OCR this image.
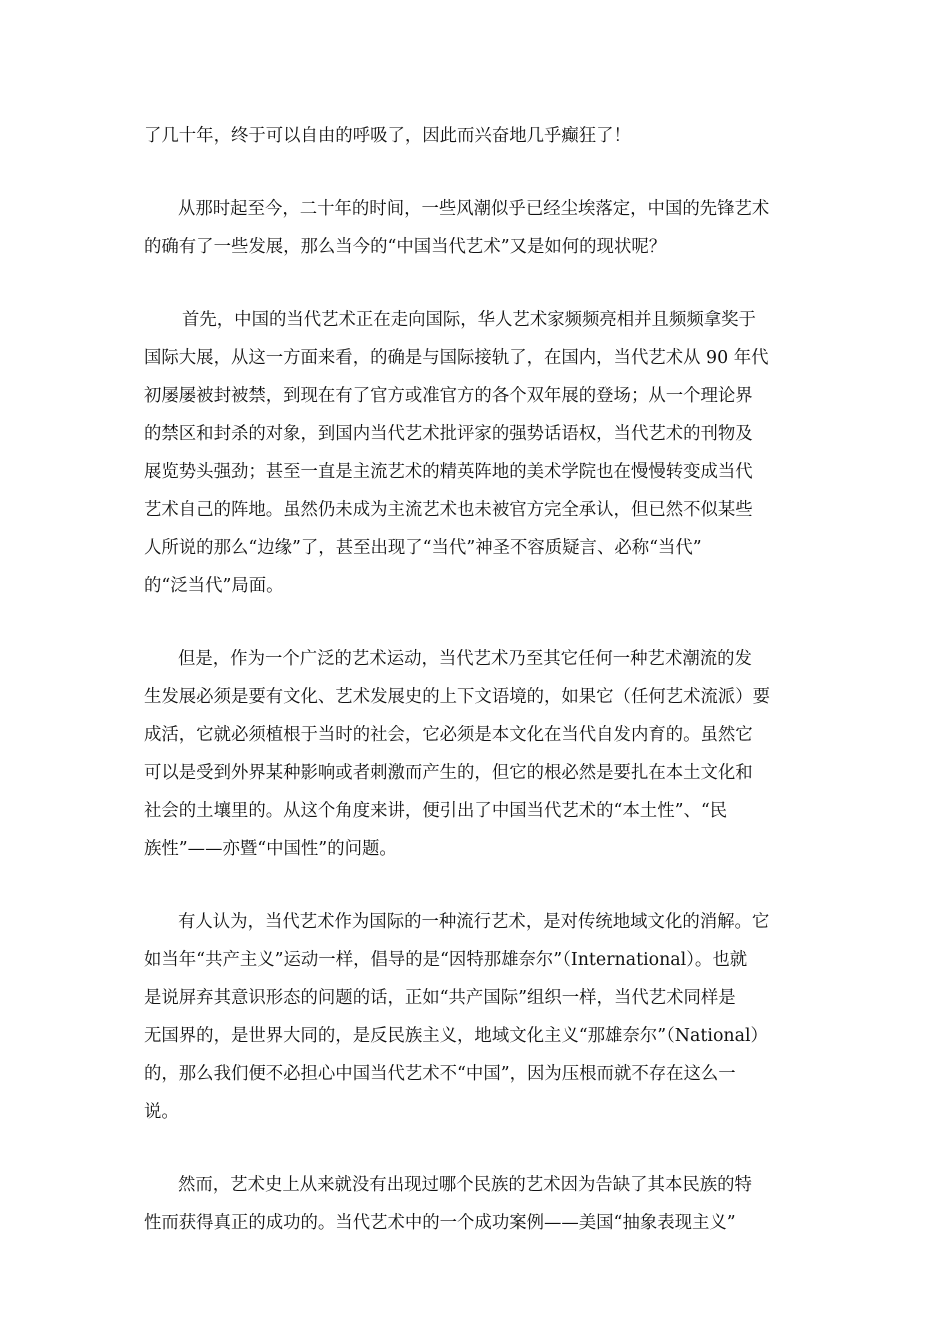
了几十年，终于可以自由的呼吸了，因此而兴奋地几乎癫狂了！

从那时起至今，二十年的时间，一些风潮似乎已经尘埃落定，中国的先锋艺术
的确有了一些发展，那么当今的“中国当代艺术”又是如何的现状呢？

首先，中国的当代艺术正在走向国际，华人艺术家频频亮相并且频频拿奖于
国际大展，从这一方面来看，的确是与国际接轨了，在国内，当代艺术从 90 年代
初屡屡被封被禁，到现在有了官方或准官方的各个双年展的登场；从一个理论界
的禁区和封杀的对象，到国内当代艺术批评家的强势话语权，当代艺术的刊物及
展览势头强劲；甚至一直是主流艺术的精英阵地的美术学院也在慢慢转变成当代
艺术自己的阵地。虽然仍未成为主流艺术也未被官方完全承认，但已然不似某些
人所说的那么“边缘”了，甚至出现了“当代”神圣不容质疑言、必称“当代”
的“泛当代”局面。

但是，作为一个广泛的艺术运动，当代艺术乃至其它任何一种艺术潮流的发
生发展必须是要有文化、艺术发展史的上下文语境的，如果它（任何艺术流派）要
成活，它就必须植根于当时的社会，它必须是本文化在当代自发内育的。虽然它
可以是受到外界某种影响或者刺激而产生的，但它的根必然是要扎在本土文化和
社会的土壤里的。从这个角度来讲，便引出了中国当代艺术的“本土性”、“民
族性”——亦暨“中国性”的问题。

有人认为，当代艺术作为国际的一种流行艺术，是对传统地域文化的消解。它
如当年“共产主义”运动一样，倡导的是“因特那雄奈尔”（International）。也就
是说屏弃其意识形态的问题的话，正如“共产国际”组织一样，当代艺术同样是
无国界的，是世界大同的，是反民族主义，地域文化主义“那雄奈尔”（National）
的，那么我们便不必担心中国当代艺术不“中国”，因为压根而就不存在这么一
说。

然而，艺术史上从来就没有出现过哪个民族的艺术因为告缺了其本民族的特
性而获得真正的成功的。当代艺术中的一个成功案例——美国“抽象表现主义”
